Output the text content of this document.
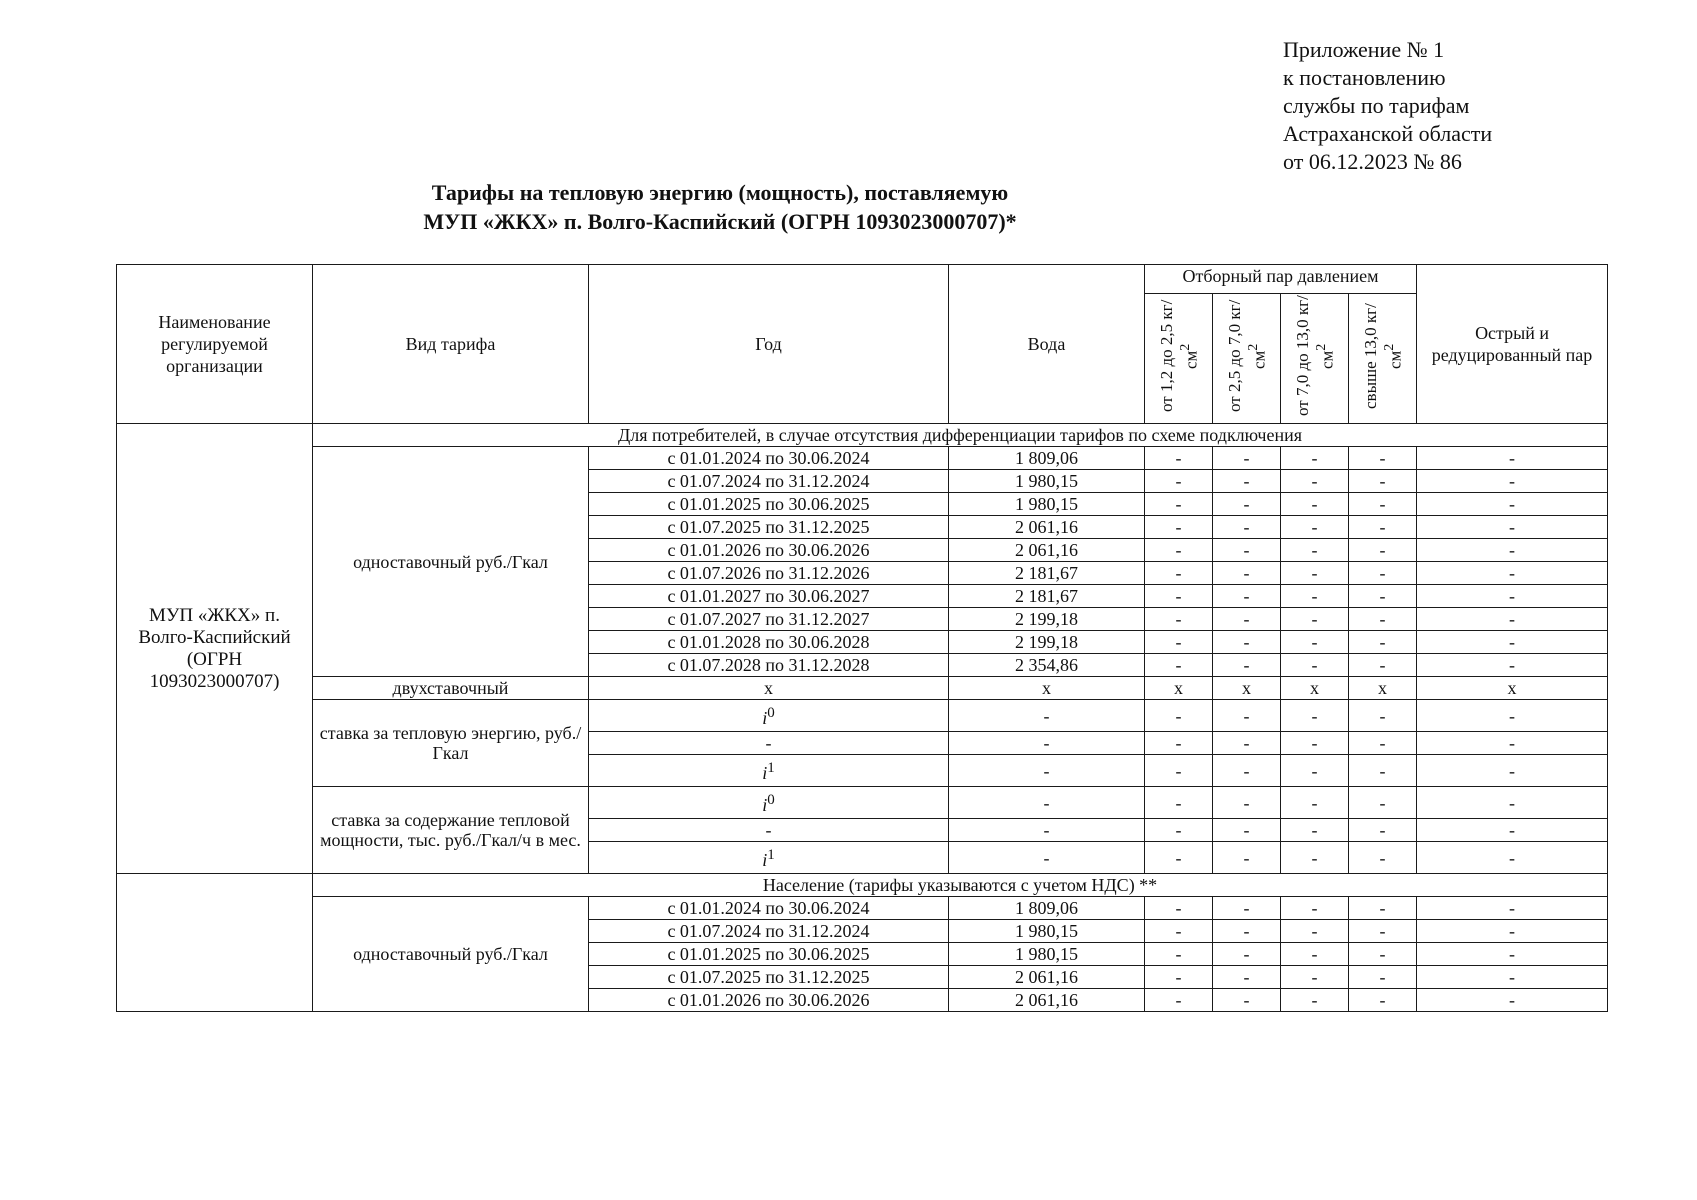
Приложение № 1
к постановлению
службы по тарифам
Астраханской области
от 06.12.2023 № 86
Тарифы на тепловую энергию (мощность), поставляемую
МУП «ЖКХ» п. Волго-Каспийский (ОГРН 1093023000707)*
Наименование регулируемой организации	Вид тарифа	Год	Вода	Отборный пар давлением				Острый и редуцированный пар
				от 1,2 до 2,5 $кг/см^2$	от 2,5 до 7,0 $кг/см^2$	от 7,0 до 13,0 $кг/см^2$	свыше 13,0 $кг/см^2$
МУП «ЖКХ» п. Волго-Каспийский (ОГРН 1093023000707)	Для потребителей, в случае отсутствия дифференциации тарифов по схеме подключения							
	одноставочный руб./Гкал	с 01.01.2024 по 30.06.2024	1 809,06	-	-	-	-	-
		с 01.07.2024 по 31.12.2024	1 980,15	-	-	-	-	-
		с 01.01.2025 по 30.06.2025	1 980,15	-	-	-	-	-
		с 01.07.2025 по 31.12.2025	2 061,16	-	-	-	-	-
		с 01.01.2026 по 30.06.2026	2 061,16	-	-	-	-	-
		с 01.07.2026 по 31.12.2026	2 181,67	-	-	-	-	-
		с 01.01.2027 по 30.06.2027	2 181,67	-	-	-	-	-
		с 01.07.2027 по 31.12.2027	2 199,18	-	-	-	-	-
		с 01.01.2028 по 30.06.2028	2 199,18	-	-	-	-	-
		с 01.07.2028 по 31.12.2028	2 354,86	-	-	-	-	-
	двухставочный	x	x	x	x	x	x	x
	ставка за тепловую энергию, руб./Гкал	$i^0$	-	-	-	-	-	-
		-	-	-	-	-	-	-
		$i^1$	-	-	-	-	-	-
	ставка за содержание тепловой мощности, тыс. руб./Гкал/ч в мес.	$i^0$	-	-	-	-	-	-
		-	-	-	-	-	-	-
		$i^1$	-	-	-	-	-	-
	Население (тарифы указываются с учетом НДС) **							
	одноставочный руб./Гкал	с 01.01.2024 по 30.06.2024	1 809,06	-	-	-	-	-
		с 01.07.2024 по 31.12.2024	1 980,15	-	-	-	-	-
		с 01.01.2025 по 30.06.2025	1 980,15	-	-	-	-	-
		с 01.07.2025 по 31.12.2025	2 061,16	-	-	-	-	-
		с 01.01.2026 по 30.06.2026	2 061,16	-	-	-	-	-
